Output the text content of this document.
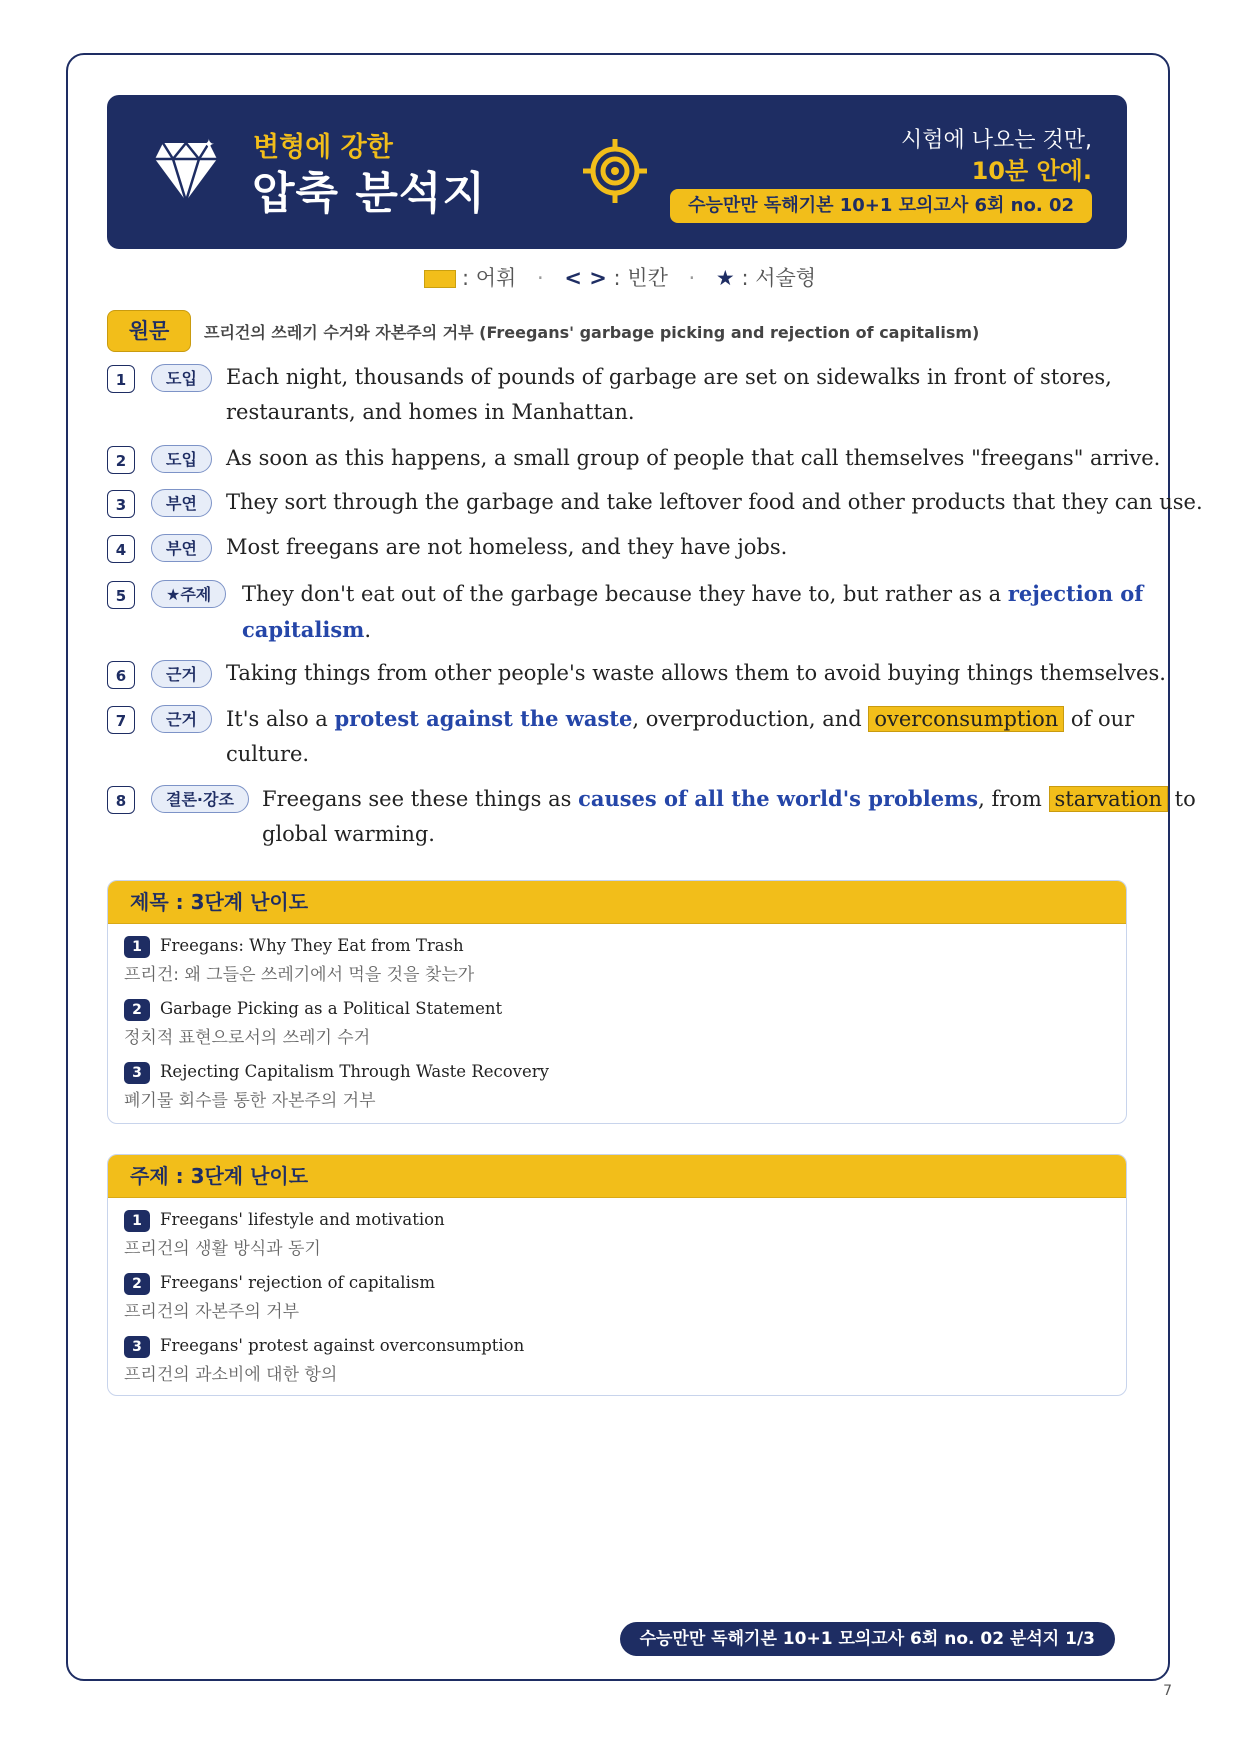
✦ 변형에 강한
압축 분석지
시험에 나오는 것만,
10분 안에.
수능만만 독해기본 10+1 모의고사 6회 no. 02
: 어휘 · < > : 빈칸 · ★ : 서술형
원문	프리건의 쓰레기 수거와 자본주의 거부 (Freegans' garbage picking and rejection of capitalism)
1	도입	Each night, thousands of pounds of garbage are set on sidewalks in front of stores,
restaurants, and homes in Manhattan.
2	도입	As soon as this happens, a small group of people that call themselves "freegans" arrive.
3	부연	They sort through the garbage and take leftover food and other products that they can use.
4	부연	Most freegans are not homeless, and they have jobs.
5	★주제	They don't eat out of the garbage because they have to, but rather as a rejection of
capitalism.
6	근거	Taking things from other people's waste allows them to avoid buying things themselves.
7	근거	It's also a protest against the waste, overproduction, and overconsumption of our
culture.
8	결론·강조	Freegans see these things as causes of all the world's problems, from starvation to
global warming.
제목 : 3단계 난이도
1 Freegans: Why They Eat from Trash
프리건: 왜 그들은 쓰레기에서 먹을 것을 찾는가
2 Garbage Picking as a Political Statement
정치적 표현으로서의 쓰레기 수거
3 Rejecting Capitalism Through Waste Recovery
폐기물 회수를 통한 자본주의 거부
주제 : 3단계 난이도
1 Freegans' lifestyle and motivation
프리건의 생활 방식과 동기
2 Freegans' rejection of capitalism
프리건의 자본주의 거부
3 Freegans' protest against overconsumption
프리건의 과소비에 대한 항의
수능만만 독해기본 10+1 모의고사 6회 no. 02 분석지 1/3
7
